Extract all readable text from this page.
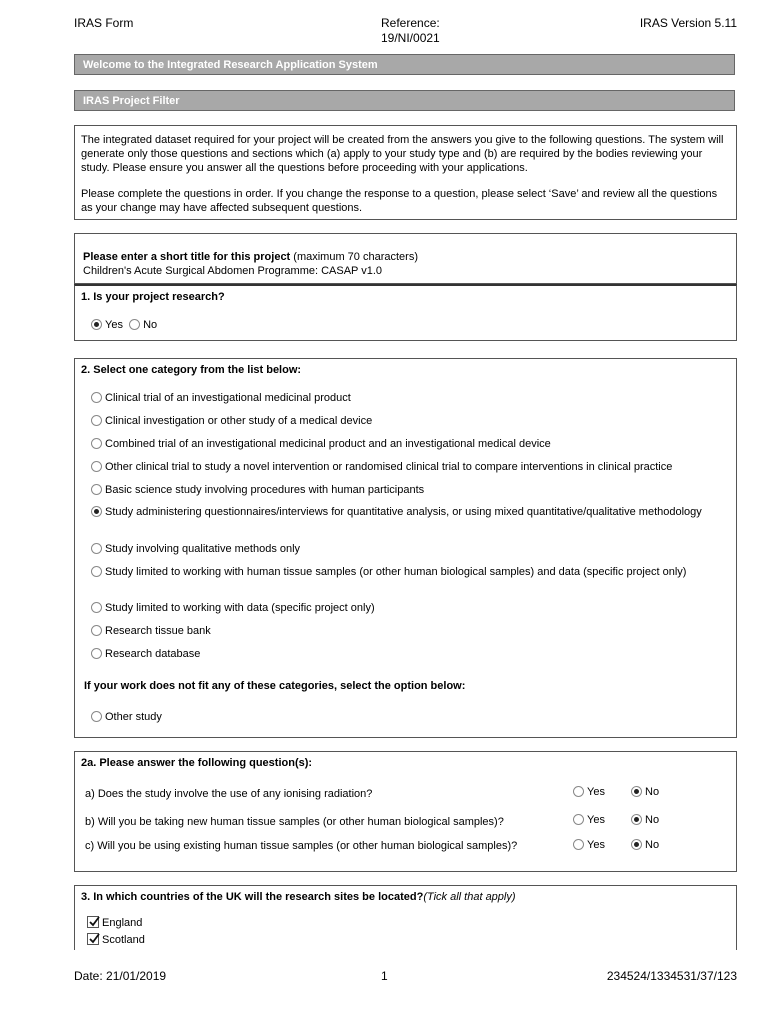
IRAS Form	Reference:
19/NI/0021
IRAS Version 5.11
Welcome to the Integrated Research Application System
IRAS Project Filter

The integrated dataset required for your project will be created from the answers you give to the following questions. The system will generate only those questions and sections which (a) apply to your study type and (b) are required by the bodies reviewing your study. Please ensure you answer all the questions before proceeding with your applications.

Please complete the questions in order. If you change the response to a question, please select ‘Save’ and review all the questions as your change may have affected subsequent questions.

Please enter a short title for this project (maximum 70 characters)
Children's Acute Surgical Abdomen Programme: CASAP v1.0
1. Is your project research?
Yes No
2. Select one category from the list below:
Clinical trial of an investigational medicinal product
Clinical investigation or other study of a medical device
Combined trial of an investigational medicinal product and an investigational medical device
Other clinical trial to study a novel intervention or randomised clinical trial to compare interventions in clinical practice
Basic science study involving procedures with human participants
Study administering questionnaires/interviews for quantitative analysis, or using mixed quantitative/qualitative methodology
Study involving qualitative methods only
Study limited to working with human tissue samples (or other human biological samples) and data (specific project only)
Study limited to working with data (specific project only)
Research tissue bank
Research database
If your work does not fit any of these categories, select the option below:
Other study
2a. Please answer the following question(s):
a) Does the study involve the use of any ionising radiation?	Yes	No
b) Will you be taking new human tissue samples (or other human biological samples)?	Yes	No
c) Will you be using existing human tissue samples (or other human biological samples)?	Yes	No
3. In which countries of the UK will the research sites be located?(Tick all that apply)
England
Scotland
Date: 21/01/2019	1	234524/1334531/37/123
